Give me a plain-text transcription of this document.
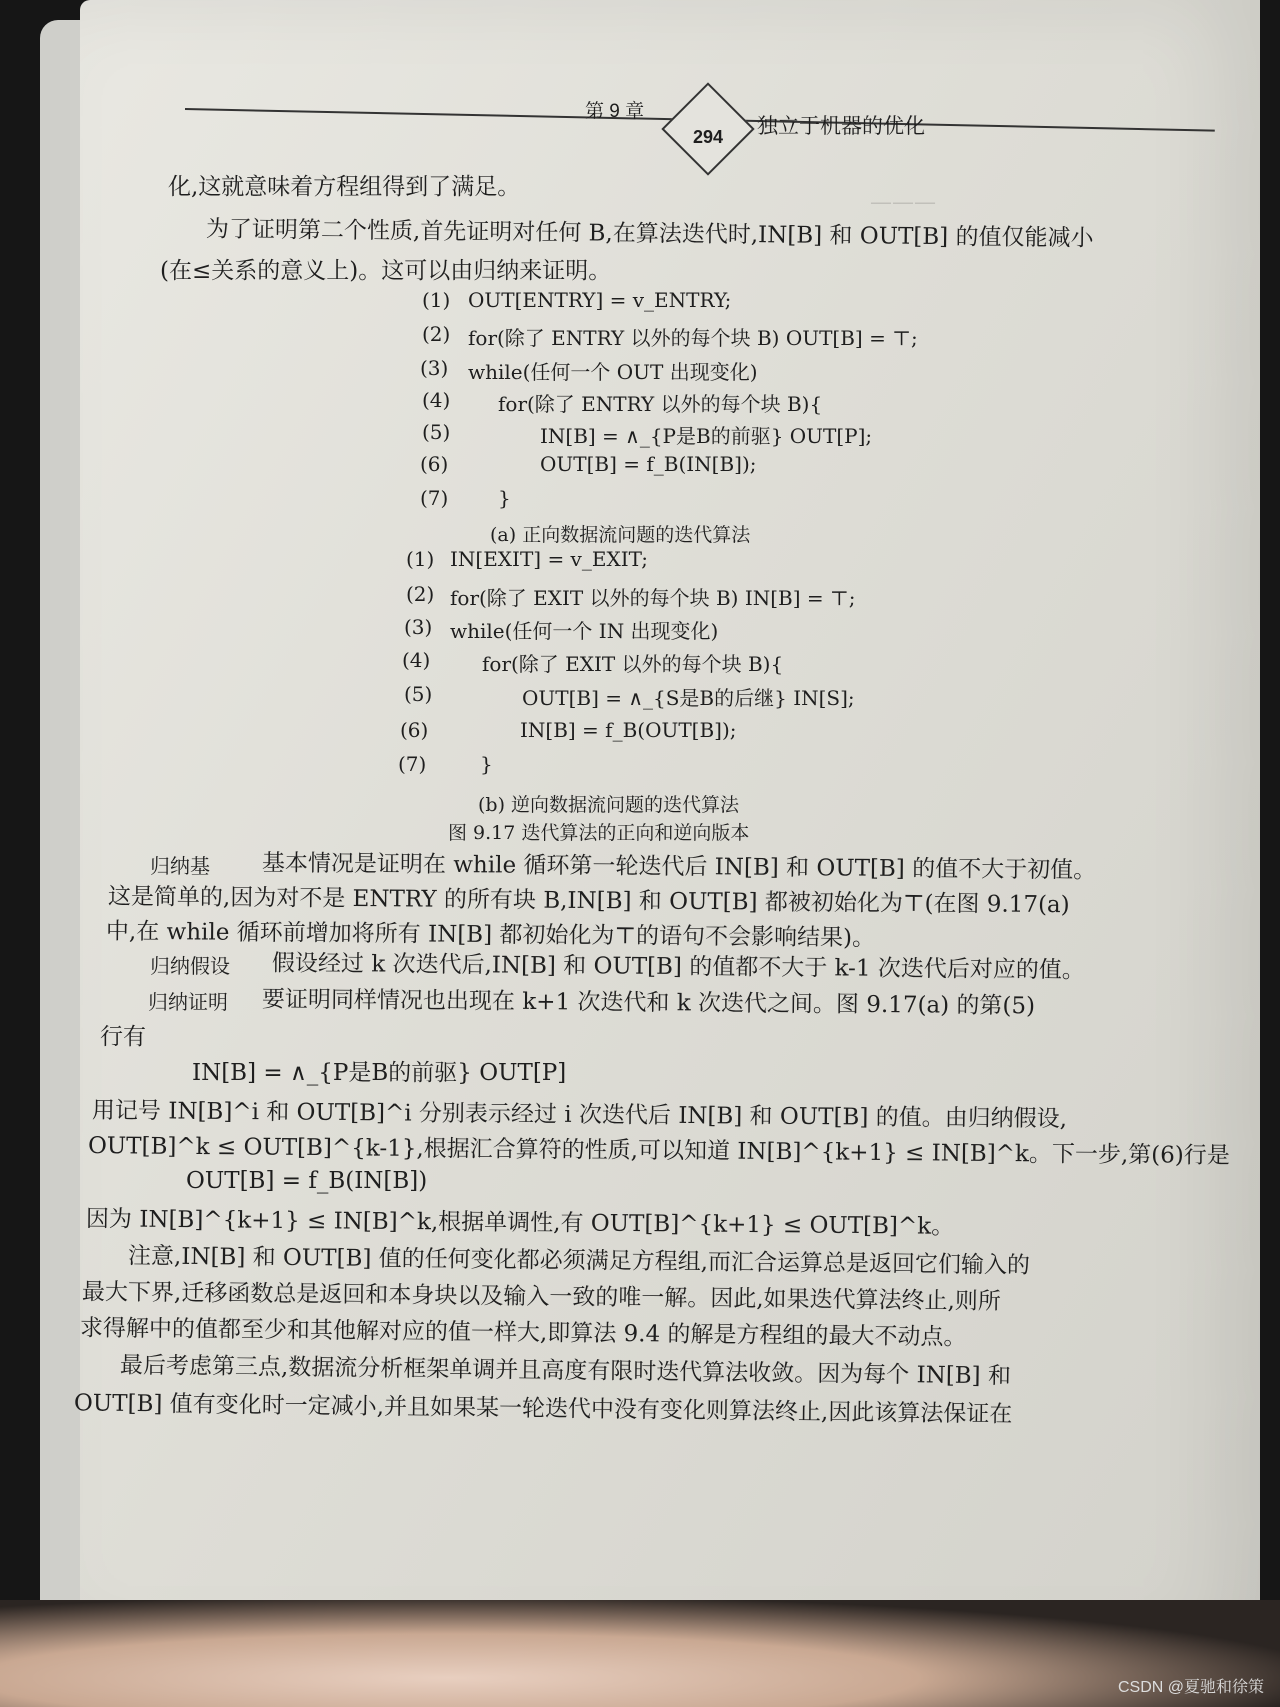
———
第 9 章
294	独立于机器的优化
化,这就意味着方程组得到了满足。
为了证明第二个性质,首先证明对任何 B,在算法迭代时,IN[B] 和 OUT[B] 的值仅能减小
(在≤关系的意义上)。这可以由归纳来证明。
(1) OUT[ENTRY] = v_ENTRY;
(2) for(除了 ENTRY 以外的每个块 B) OUT[B] = ⊤;
(3) while(任何一个 OUT 出现变化)
(4) for(除了 ENTRY 以外的每个块 B){
(5)	IN[B] = ∧_{P是B的前驱} OUT[P];
(6)	OUT[B] = f_B(IN[B]);
(7) }
(a) 正向数据流问题的迭代算法
(1) IN[EXIT] = v_EXIT;
(2) for(除了 EXIT 以外的每个块 B) IN[B] = ⊤;
(3) while(任何一个 IN 出现变化)
(4)	for(除了 EXIT 以外的每个块 B){
(5)	OUT[B] = ∧_{S是B的后继} IN[S];
(6)	IN[B] = f_B(OUT[B]);
(7)	}
(b) 逆向数据流问题的迭代算法
图 9.17 迭代算法的正向和逆向版本
归纳基 基本情况是证明在 while 循环第一轮迭代后 IN[B] 和 OUT[B] 的值不大于初值。
这是简单的,因为对不是 ENTRY 的所有块 B,IN[B] 和 OUT[B] 都被初始化为⊤(在图 9.17(a)
中,在 while 循环前增加将所有 IN[B] 都初始化为⊤的语句不会影响结果)。
归纳假设 假设经过 k 次迭代后,IN[B] 和 OUT[B] 的值都不大于 k-1 次迭代后对应的值。
归纳证明 要证明同样情况也出现在 k+1 次迭代和 k 次迭代之间。图 9.17(a) 的第(5)
行有
IN[B] = ∧_{P是B的前驱} OUT[P]
用记号 IN[B]^i 和 OUT[B]^i 分别表示经过 i 次迭代后 IN[B] 和 OUT[B] 的值。由归纳假设,
OUT[B]^k ≤ OUT[B]^{k-1},根据汇合算符的性质,可以知道 IN[B]^{k+1} ≤ IN[B]^k。下一步,第(6)行是
OUT[B] = f_B(IN[B])
因为 IN[B]^{k+1} ≤ IN[B]^k,根据单调性,有 OUT[B]^{k+1} ≤ OUT[B]^k。
注意,IN[B] 和 OUT[B] 值的任何变化都必须满足方程组,而汇合运算总是返回它们输入的
最大下界,迁移函数总是返回和本身块以及输入一致的唯一解。因此,如果迭代算法终止,则所
求得解中的值都至少和其他解对应的值一样大,即算法 9.4 的解是方程组的最大不动点。
最后考虑第三点,数据流分析框架单调并且高度有限时迭代算法收敛。因为每个 IN[B] 和
OUT[B] 值有变化时一定减小,并且如果某一轮迭代中没有变化则算法终止,因此该算法保证在
CSDN @夏驰和徐策
